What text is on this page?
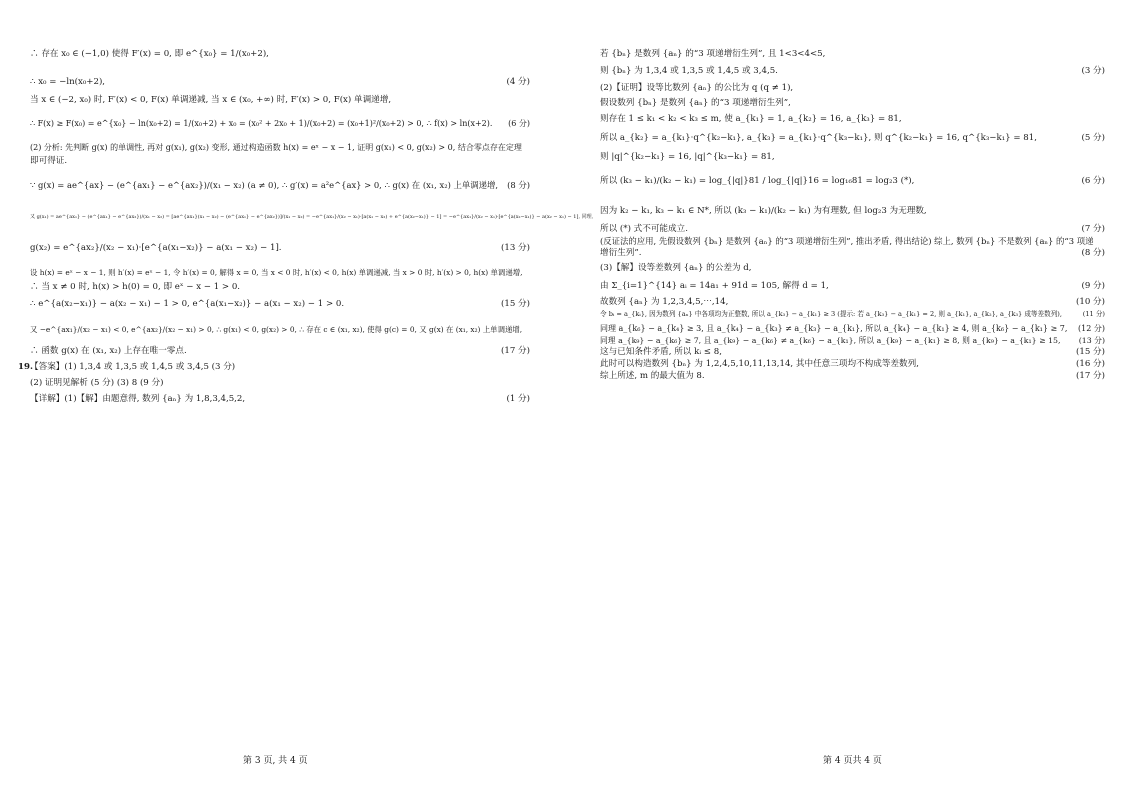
∴ 存在 x₀ ∈ (−1,0) 使得 F′(x) = 0, 即 e^{x₀} = 1/(x₀+2),
∴ x₀ = −ln(x₀+2),	(4 分)
当 x ∈ (−2, x₀) 时, F′(x) < 0, F(x) 单调递减, 当 x ∈ (x₀, +∞) 时, F′(x) > 0, F(x) 单调递增,
∴ F(x) ≥ F(x₀) = e^{x₀} − ln(x₀+2) = 1/(x₀+2) + x₀ = (x₀² + 2x₀ + 1)/(x₀+2) = (x₀+1)²/(x₀+2) > 0, ∴ f(x) > ln(x+2). (6 分)
(2) 分析: 先判断 g(x) 的单调性, 再对 g(x₁), g(x₂) 变形, 通过构造函数 h(x) = eˣ − x − 1, 证明 g(x₁) < 0, g(x₂) > 0, 结合零点存在定理
即可得证.
∵ g(x) = ae^{ax} − (e^{ax₁} − e^{ax₂})/(x₁ − x₂) (a ≠ 0), ∴ g′(x) = a²e^{ax} > 0, ∴ g(x) 在 (x₁, x₂) 上单调递增, (8 分)
又 g(x₁) = ae^{ax₁} − (e^{ax₁} − e^{ax₂})/(x₁ − x₂) = [ae^{ax₁}(x₁ − x₂) − (e^{ax₁} − e^{ax₂})]/(x₁ − x₂) = −e^{ax₁}/(x₂ − x₁)·[a(x₁ − x₂) + e^{a(x₂−x₁)} − 1] = −e^{ax₁}/(x₂ − x₁)·[e^{a(x₂−x₁)} − a(x₂ − x₁) − 1], 同理,
g(x₂) = e^{ax₂}/(x₂ − x₁)·[e^{a(x₁−x₂)} − a(x₁ − x₂) − 1].	(13 分)
设 h(x) = eˣ − x − 1, 则 h′(x) = eˣ − 1, 令 h′(x) = 0, 解得 x = 0, 当 x < 0 时, h′(x) < 0, h(x) 单调递减, 当 x > 0 时, h′(x) > 0, h(x) 单调递增,
∴ 当 x ≠ 0 时, h(x) > h(0) = 0, 即 eˣ − x − 1 > 0.
∴ e^{a(x₂−x₁)} − a(x₂ − x₁) − 1 > 0, e^{a(x₁−x₂)} − a(x₁ − x₂) − 1 > 0.	(15 分)
又 −e^{ax₁}/(x₂ − x₁) < 0, e^{ax₂}/(x₂ − x₁) > 0, ∴ g(x₁) < 0, g(x₂) > 0, ∴ 存在 c ∈ (x₁, x₂), 使得 g(c) = 0, 又 g(x) 在 (x₁, x₂) 上单调递增,
∴ 函数 g(x) 在 (x₁, x₂) 上存在唯一零点.	(17 分)
19.
【答案】(1) 1,3,4 或 1,3,5 或 1,4,5 或 3,4,5 (3 分)
(2) 证明见解析 (5 分) (3) 8 (9 分)
【详解】(1)【解】由题意得, 数列 {aₙ} 为 1,8,3,4,5,2,	(1 分)
第 3 页, 共 4 页
若 {bₙ} 是数列 {aₙ} 的“3 项递增衍生列”, 且 1<3<4<5,
则 {bₙ} 为 1,3,4 或 1,3,5 或 1,4,5 或 3,4,5.	(3 分)
(2)【证明】设等比数列 {aₙ} 的公比为 q (q ≠ 1),
假设数列 {bₙ} 是数列 {aₙ} 的“3 项递增衍生列”,
则存在 1 ≤ k₁ < k₂ < k₃ ≤ m, 使 a_{k₁} = 1, a_{k₂} = 16, a_{k₃} = 81,
所以 a_{k₂} = a_{k₁}·q^{k₂−k₁}, a_{k₃} = a_{k₁}·q^{k₃−k₁}, 则 q^{k₂−k₁} = 16, q^{k₃−k₁} = 81,	(5 分)
则 |q|^{k₂−k₁} = 16, |q|^{k₃−k₁} = 81,
所以 (k₃ − k₁)/(k₂ − k₁) = log_{|q|}81 / log_{|q|}16 = log₁₆81 = log₂3 (*),	(6 分)
因为 k₂ − k₁, k₃ − k₁ ∈ N*, 所以 (k₃ − k₁)/(k₂ − k₁) 为有理数, 但 log₂3 为无理数,
所以 (*) 式不可能成立.	(7 分)
(反证法的应用, 先假设数列 {bₙ} 是数列 {aₙ} 的“3 项递增衍生列”, 推出矛盾, 得出结论) 综上, 数列 {bₙ} 不是数列 {aₙ} 的“3 项递
增衍生列”.	(8 分)
(3)【解】设等差数列 {aₙ} 的公差为 d,
由 Σ_{i=1}^{14} aᵢ = 14a₁ + 91d = 105, 解得 d = 1,	(9 分)
故数列 {aₙ} 为 1,2,3,4,5,⋯,14,	(10 分)
令 bᵢ = a_{kᵢ}, 因为数列 {aₙ} 中各项均为正整数, 所以 a_{k₃} − a_{k₁} ≥ 3 (提示: 若 a_{k₃} − a_{k₁} = 2, 则 a_{k₁}, a_{k₂}, a_{k₃} 成等差数列),	(11 分)
同理 a_{k₆} − a_{k₄} ≥ 3, 且 a_{k₄} − a_{k₃} ≠ a_{k₃} − a_{k₁}, 所以 a_{k₄} − a_{k₁} ≥ 4, 则 a_{k₆} − a_{k₁} ≥ 7, (12 分)
同理 a_{k₉} − a_{k₆} ≥ 7, 且 a_{k₉} − a_{k₆} ≠ a_{k₆} − a_{k₁}, 所以 a_{k₉} − a_{k₁} ≥ 8, 则 a_{k₉} − a_{k₁} ≥ 15, (13 分)
这与已知条件矛盾, 所以 kᵢ ≤ 8,	(15 分)
此时可以构造数列 {bₙ} 为 1,2,4,5,10,11,13,14, 其中任意三项均不构成等差数列,	(16 分)
综上所述, m 的最大值为 8.	(17 分)
第 4 页共 4 页
